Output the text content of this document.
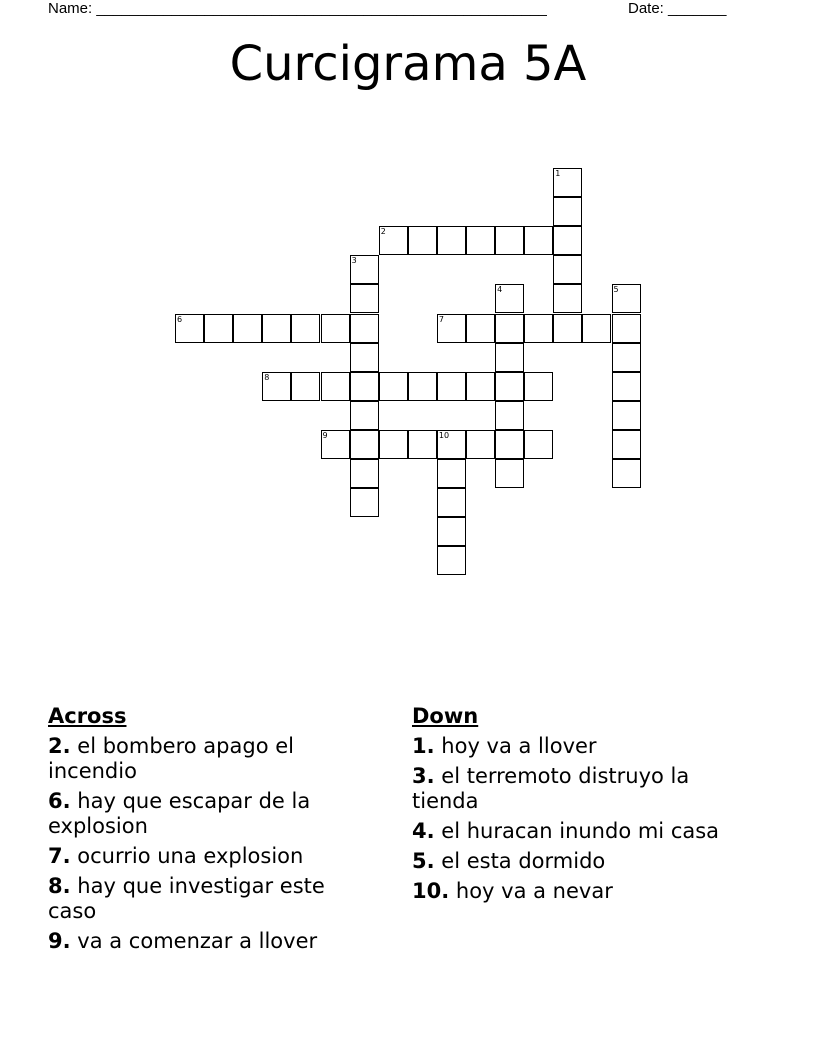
Name: ______________________________________________________	Date: _______
Curcigrama 5A
1
2
3
4	5
6	7
8
9	10
Across
2. el bombero apago el incendio
6. hay que escapar de la explosion
7. ocurrio una explosion
8. hay que investigar este caso
9. va a comenzar a llover
Down
1. hoy va a llover
3. el terremoto distruyo la tienda
4. el huracan inundo mi casa
5. el esta dormido
10. hoy va a nevar
